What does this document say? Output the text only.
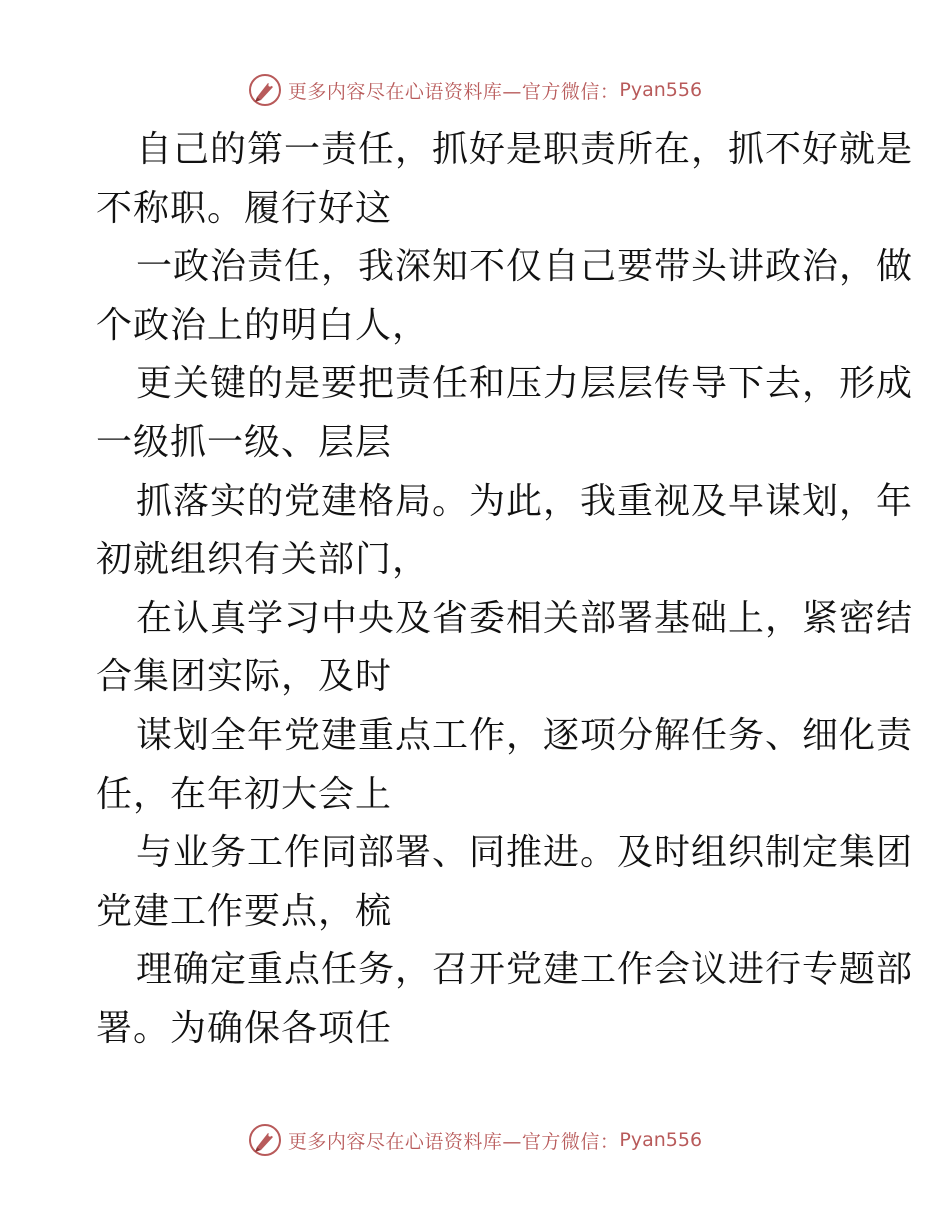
更多内容尽在心语资料库—官方微信： Pyan556
自己的第一责任，抓好是职责所在，抓不好就是
不称职。履行好这
一政治责任，我深知不仅自己要带头讲政治，做
个政治上的明白人，
更关键的是要把责任和压力层层传导下去，形成
一级抓一级、层层
抓落实的党建格局。为此，我重视及早谋划，年
初就组织有关部门，
在认真学习中央及省委相关部署基础上，紧密结
合集团实际，及时
谋划全年党建重点工作，逐项分解任务、细化责
任，在年初大会上
与业务工作同部署、同推进。及时组织制定集团
党建工作要点，梳
理确定重点任务，召开党建工作会议进行专题部
署。为确保各项任
更多内容尽在心语资料库—官方微信： Pyan556
